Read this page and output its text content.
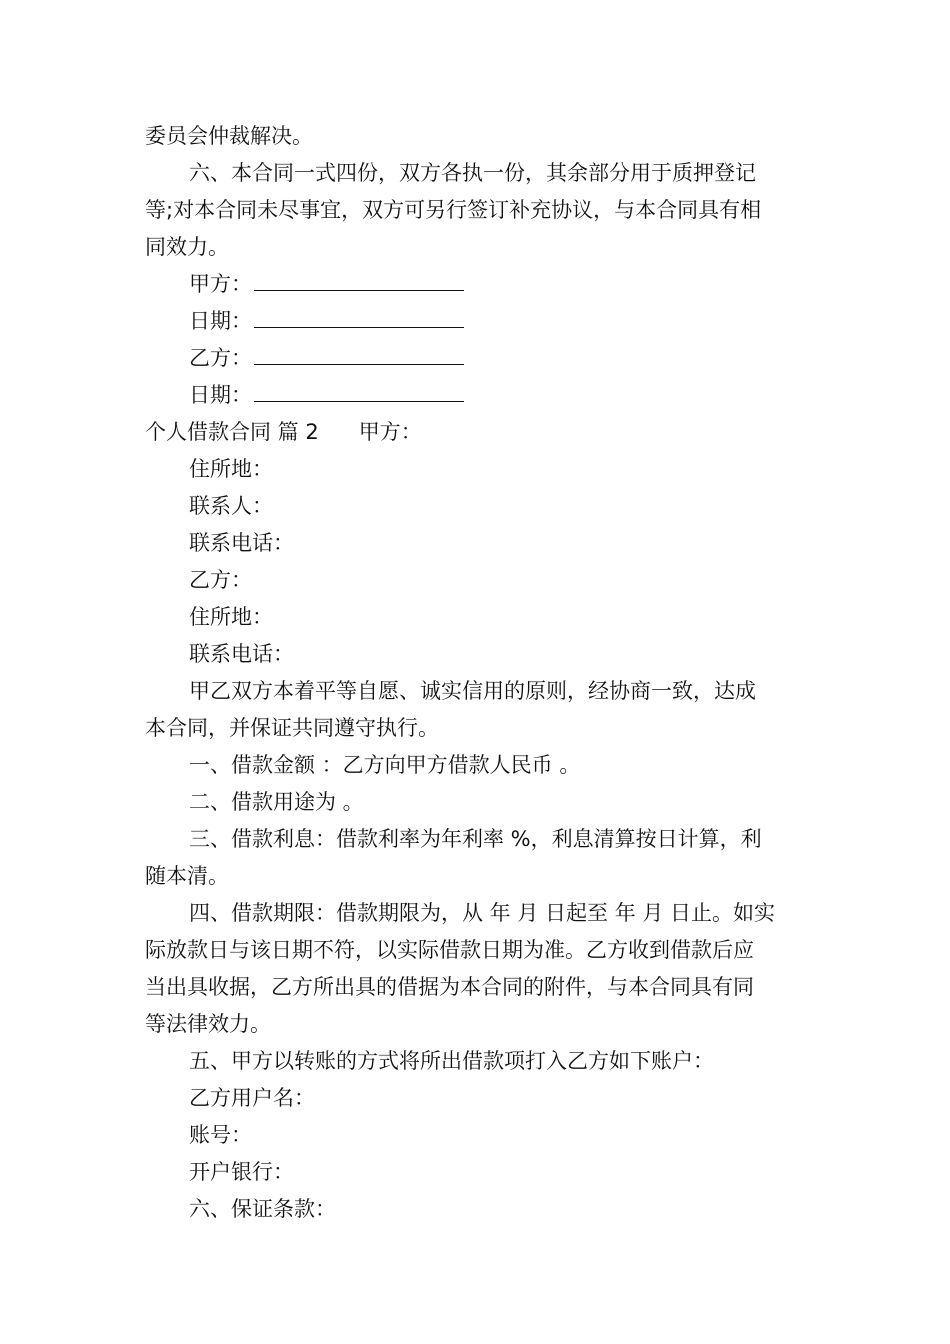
委员会仲裁解决。
六、本合同一式四份，双方各执一份，其余部分用于质押登记
等;对本合同未尽事宜，双方可另行签订补充协议，与本合同具有相
同效力。
甲方：
日期：
乙方：
日期：
个人借款合同 篇 2 甲方：
住所地：
联系人：
联系电话：
乙方：
住所地：
联系电话：
甲乙双方本着平等自愿、诚实信用的原则，经协商一致，达成
本合同，并保证共同遵守执行。
一、借款金额 ：乙方向甲方借款人民币 。
二、借款用途为 。
三、借款利息：借款利率为年利率 %，利息清算按日计算，利
随本清。
四、借款期限：借款期限为，从 年 月 日起至 年 月 日止。如实
际放款日与该日期不符，以实际借款日期为准。乙方收到借款后应
当出具收据，乙方所出具的借据为本合同的附件，与本合同具有同
等法律效力。
五、甲方以转账的方式将所出借款项打入乙方如下账户：
乙方用户名：
账号：
开户银行：
六、保证条款：
